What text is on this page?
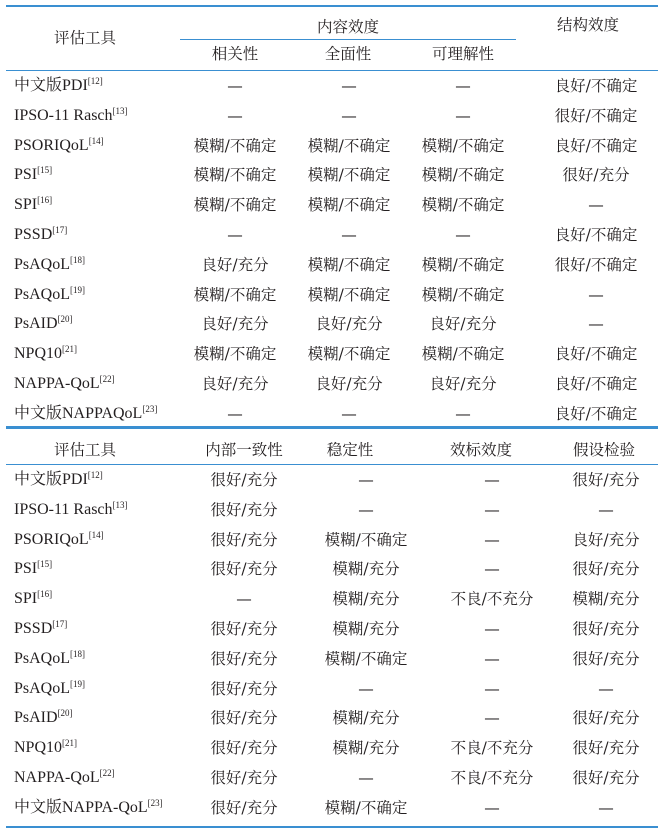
评估工具
内容效度	结构效度
相关性	全面性	可理解性
中文版PDI[12]	—	—	—	良好/不确定
IPSO-11 Rasch[13]	—	—	—	很好/不确定
PSORIQoL[14]	模糊/不确定	模糊/不确定	模糊/不确定	良好/不确定
PSI[15]	模糊/不确定	模糊/不确定	模糊/不确定	很好/充分
SPI[16]	模糊/不确定	模糊/不确定	模糊/不确定	—
PSSD[17]	—	—	—	良好/不确定
PsAQoL[18]	良好/充分	模糊/不确定	模糊/不确定	很好/不确定
PsAQoL[19]	模糊/不确定	模糊/不确定	模糊/不确定	—
PsAID[20]	良好/充分	良好/充分	良好/充分	—
NPQ10[21]	模糊/不确定	模糊/不确定	模糊/不确定	良好/不确定
NAPPA-QoL[22]	良好/充分	良好/充分	良好/充分	良好/不确定
中文版NAPPAQoL[23]	—	—	—	良好/不确定
评估工具	内部一致性	稳定性	效标效度	假设检验
中文版PDI[12]	很好/充分	—	—	很好/充分
IPSO-11 Rasch[13]	很好/充分	—	—	—
PSORIQoL[14]	很好/充分	模糊/不确定	—	良好/充分
PSI[15]	很好/充分	模糊/充分	—	很好/充分
SPI[16]	—	模糊/充分	不良/不充分	模糊/充分
PSSD[17]	很好/充分	模糊/充分	—	很好/充分
PsAQoL[18]	很好/充分	模糊/不确定	—	很好/充分
PsAQoL[19]	很好/充分	—	—	—
PsAID[20]	很好/充分	模糊/充分	—	很好/充分
NPQ10[21]	很好/充分	模糊/充分	不良/不充分	很好/充分
NAPPA-QoL[22]	很好/充分	—	不良/不充分	很好/充分
中文版NAPPA-QoL[23]	很好/充分	模糊/不确定	—	—
